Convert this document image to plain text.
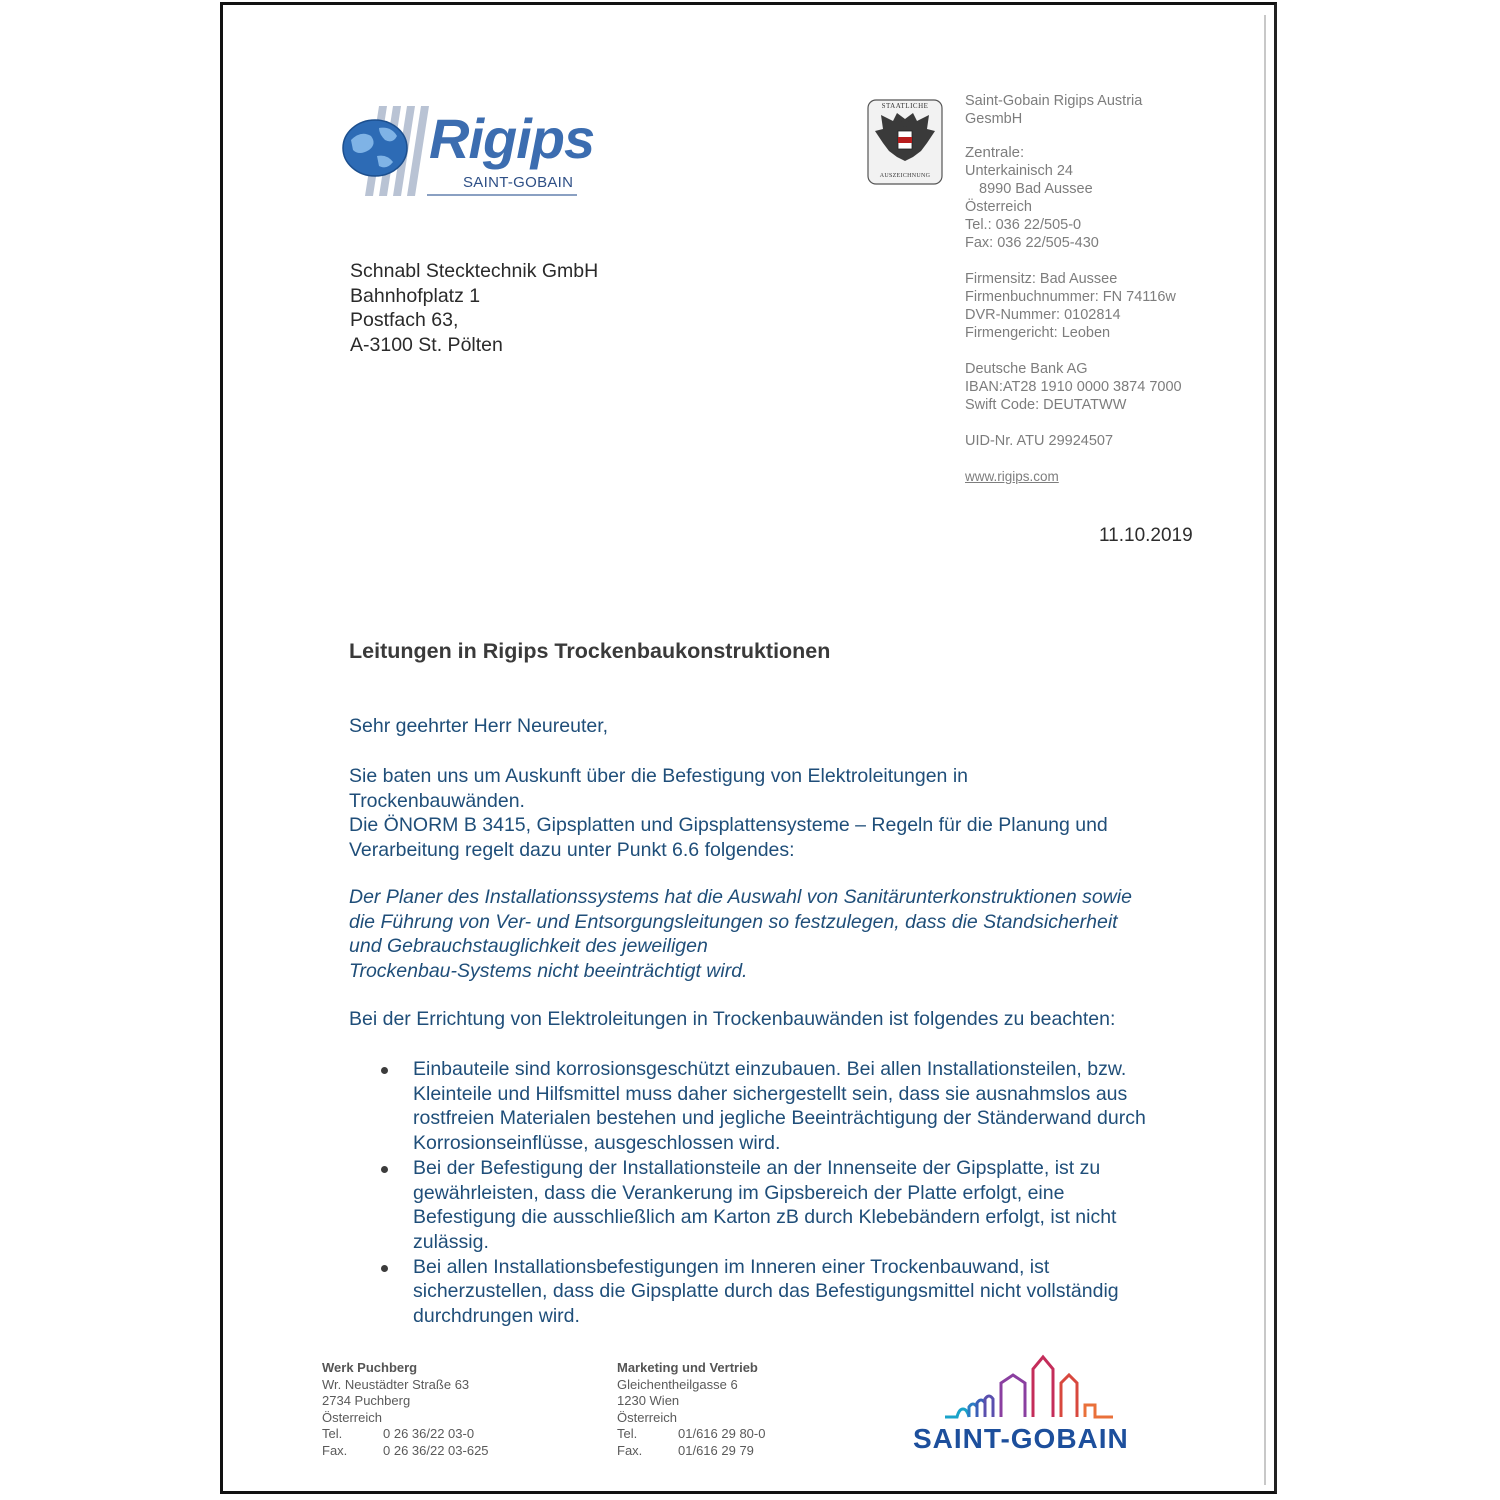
Rigips
SAINT-GOBAIN
STAATLICHE
AUSZEICHNUNG
Saint-Gobain Rigips Austria
GesmbH
Zentrale:
Unterkainisch 24
8990 Bad Aussee
Österreich
Tel.: 036 22/505-0
Fax: 036 22/505-430
Firmensitz: Bad Aussee
Firmenbuchnummer: FN 74116w
DVR-Nummer: 0102814
Firmengericht: Leoben
Deutsche Bank AG
IBAN:AT28 1910 0000 3874 7000
Swift Code: DEUTATWW
UID-Nr. ATU 29924507
www.rigips.com
Schnabl Stecktechnik GmbH
Bahnhofplatz 1
Postfach 63,
A-3100 St. Pölten
11.10.2019
Leitungen in Rigips Trockenbaukonstruktionen
Sehr geehrter Herr Neureuter,
Sie baten uns um Auskunft über die Befestigung von Elektroleitungen in
Trockenbauwänden.
Die ÖNORM B 3415, Gipsplatten und Gipsplattensysteme – Regeln für die Planung und
Verarbeitung regelt dazu unter Punkt 6.6 folgendes:
Der Planer des Installationssystems hat die Auswahl von Sanitärunterkonstruktionen sowie
die Führung von Ver- und Entsorgungsleitungen so festzulegen, dass die Standsicherheit
und Gebrauchstauglichkeit des jeweiligen
Trockenbau-Systems nicht beeinträchtigt wird.
Bei der Errichtung von Elektroleitungen in Trockenbauwänden ist folgendes zu beachten:
Einbauteile sind korrosionsgeschützt einzubauen. Bei allen Installationsteilen, bzw.
Kleinteile und Hilfsmittel muss daher sichergestellt sein, dass sie ausnahmslos aus
rostfreien Materialen bestehen und jegliche Beeinträchtigung der Ständerwand durch
Korrosionseinflüsse, ausgeschlossen wird.
Bei der Befestigung der Installationsteile an der Innenseite der Gipsplatte, ist zu
gewährleisten, dass die Verankerung im Gipsbereich der Platte erfolgt, eine
Befestigung die ausschließlich am Karton zB durch Klebebändern erfolgt, ist nicht
zulässig.
Bei allen Installationsbefestigungen im Inneren einer Trockenbauwand, ist
sicherzustellen, dass die Gipsplatte durch das Befestigungsmittel nicht vollständig
durchdrungen wird.
Werk Puchberg
Wr. Neustädter Straße 63
2734 Puchberg
Österreich
Tel.	0 26 36/22 03-0
Fax.	0 26 36/22 03-625
Marketing und Vertrieb
Gleichentheilgasse 6
1230 Wien
Österreich
Tel.	01/616 29 80-0
Fax.	01/616 29 79	SAINT-GOBAIN
